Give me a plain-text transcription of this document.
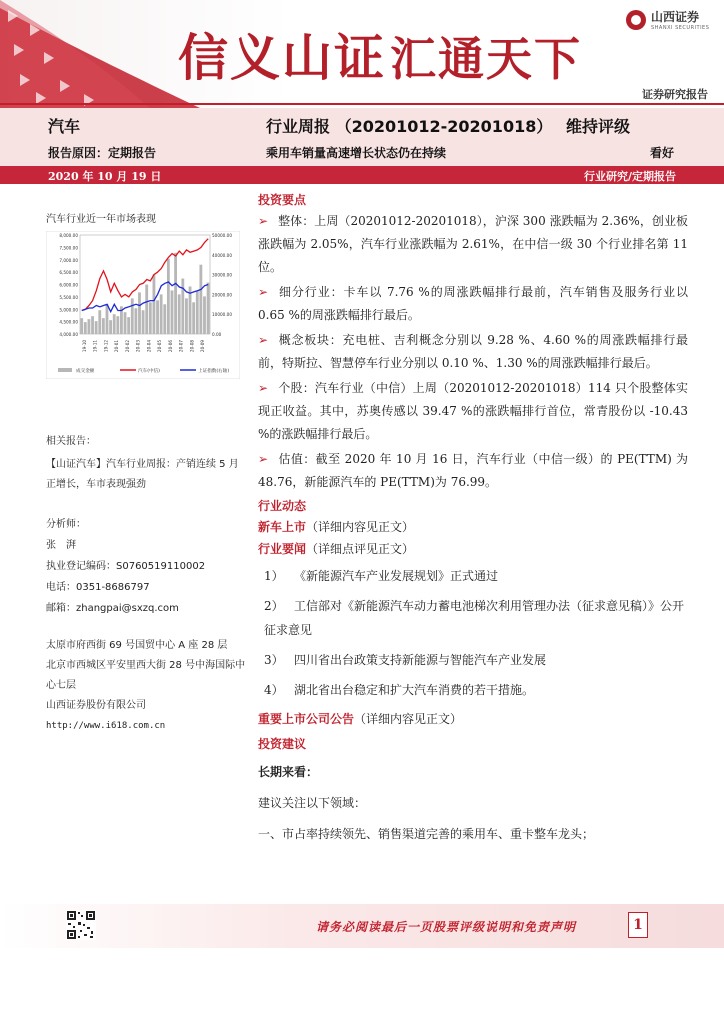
信义山证汇通天下
山西证券
SHANXI SECURITIES
证券研究报告
汽车	行业周报 （20201012-20201018） 维持评级
报告原因：定期报告	乘用车销量高速增长状态仍在持续	看好
2020 年 10 月 19 日	行业研究/定期报告
汽车行业近一年市场表现
8,000.00
7,500.00
7,000.00
6,500.00
6,000.00
5,500.00
5,000.00
4,500.00
4,000.00
50000.00
40000.00
30000.00
20000.00
10000.00
0.00
19-10 19-11 19-12 20-01 20-02 20-03 20-04 20-05 20-06 20-07 20-08 20-09
成交金额	汽车(中信)	上证指数(右轴)
相关报告：
【山证汽车】汽车行业周报：产销连续 5 月正增长，车市表现强劲
分析师：
张　湃
执业登记编码：S0760519110002
电话：0351-8686797
邮箱：zhangpai@sxzq.com
太原市府西街 69 号国贸中心 A 座 28 层
北京市西城区平安里西大街 28 号中海国际中心七层
山西证券股份有限公司
http://www.i618.com.cn
投资要点
➢ 整体：上周（20201012-20201018），沪深 300 涨跌幅为 2.36%，创业板涨跌幅为 2.05%，汽车行业涨跌幅为 2.61%，在中信一级 30 个行业排名第 11 位。
➢ 细分行业：卡车以 7.76 %的周涨跌幅排行最前，汽车销售及服务行业以 0.65 %的周涨跌幅排行最后。
➢ 概念板块：充电桩、吉利概念分别以 9.28 %、4.60 %的周涨跌幅排行最前，特斯拉、智慧停车行业分别以 0.10 %、1.30 %的周涨跌幅排行最后。
➢ 个股：汽车行业（中信）上周（20201012-20201018）114 只个股整体实现正收益。其中，苏奥传感以 39.47 %的涨跌幅排行首位，常青股份以 -10.43 %的涨跌幅排行最后。
➢ 估值：截至 2020 年 10 月 16 日，汽车行业（中信一级）的 PE(TTM) 为 48.76，新能源汽车的 PE(TTM)为 76.99。
行业动态
新车上市（详细内容见正文）
行业要闻（详细点评见正文）
1） 《新能源汽车产业发展规划》正式通过
2） 工信部对《新能源汽车动力蓄电池梯次利用管理办法（征求意见稿）》公开征求意见
3） 四川省出台政策支持新能源与智能汽车产业发展
4） 湖北省出台稳定和扩大汽车消费的若干措施。
重要上市公司公告（详细内容见正文）
投资建议
长期来看：
建议关注以下领域：
一、市占率持续领先、销售渠道完善的乘用车、重卡整车龙头；
请务必阅读最后一页股票评级说明和免责声明	1
